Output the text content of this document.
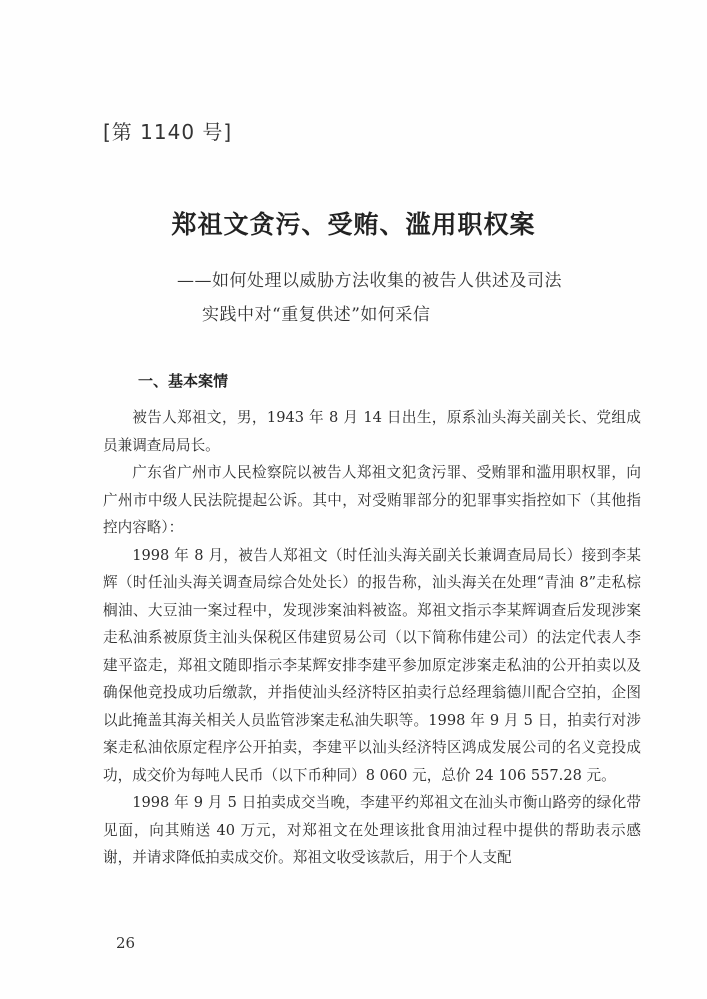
[第 1140 号]
郑祖文贪污、受贿、滥用职权案
——如何处理以威胁方法收集的被告人供述及司法
实践中对“重复供述”如何采信
一、基本案情

被告人郑祖文，男，1943 年 8 月 14 日出生，原系汕头海关副关长、党组成员兼调查局局长。

广东省广州市人民检察院以被告人郑祖文犯贪污罪、受贿罪和滥用职权罪，向广州市中级人民法院提起公诉。其中，对受贿罪部分的犯罪事实指控如下（其他指控内容略）：

1998 年 8 月，被告人郑祖文（时任汕头海关副关长兼调查局局长）接到李某辉（时任汕头海关调查局综合处处长）的报告称，汕头海关在处理“青油 8”走私棕榈油、大豆油一案过程中，发现涉案油料被盗。郑祖文指示李某辉调查后发现涉案走私油系被原货主汕头保税区伟建贸易公司（以下简称伟建公司）的法定代表人李建平盗走，郑祖文随即指示李某辉安排李建平参加原定涉案走私油的公开拍卖以及确保他竞投成功后缴款，并指使汕头经济特区拍卖行总经理翁德川配合空拍，企图以此掩盖其海关相关人员监管涉案走私油失职等。1998 年 9 月 5 日，拍卖行对涉案走私油依原定程序公开拍卖，李建平以汕头经济特区鸿成发展公司的名义竞投成功，成交价为每吨人民币（以下币种同）8 060 元，总价 24 106 557.28 元。

1998 年 9 月 5 日拍卖成交当晚，李建平约郑祖文在汕头市衡山路旁的绿化带见面，向其贿送 40 万元，对郑祖文在处理该批食用油过程中提供的帮助表示感谢，并请求降低拍卖成交价。郑祖文收受该款后，用于个人支配

26
